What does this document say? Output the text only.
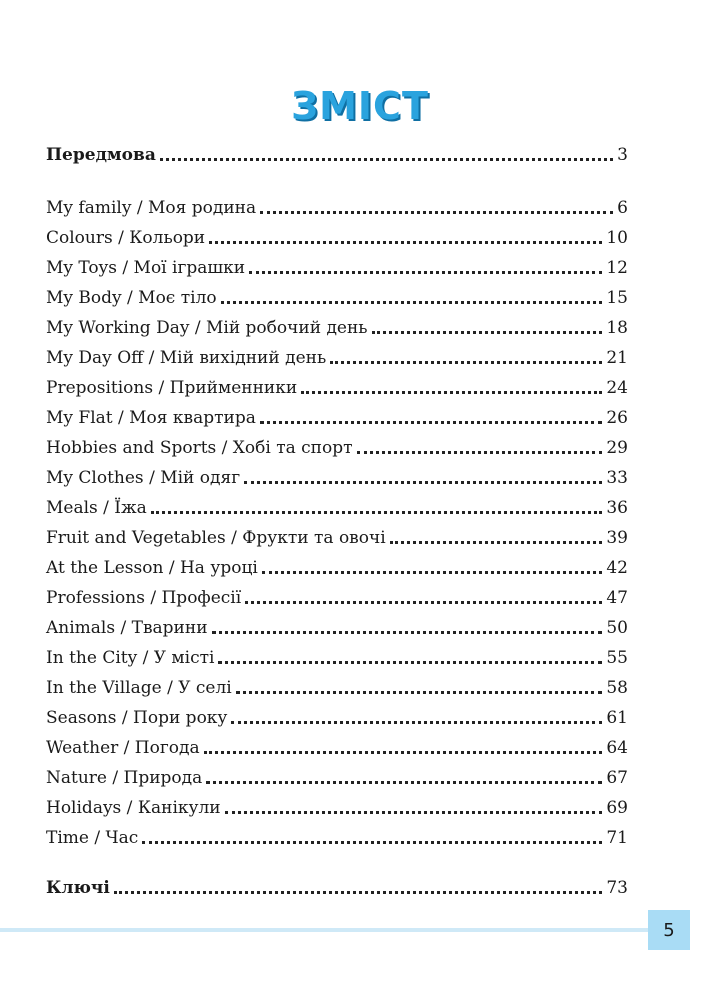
ЗМІСТ
Передмова	3
My family / Моя родина	6
Colours / Кольори	10
My Toys / Мої іграшки	12
My Body / Моє тіло	15
My Working Day / Мій робочий день	18
My Day Off / Мій вихідний день	21
Prepositions / Прийменники	24
My Flat / Моя квартира	26
Hobbies and Sports / Хобі та спорт	29
My Clothes / Мій одяг	33
Meals / Їжа	36
Fruit and Vegetables / Фрукти та овочі	39
At the Lesson / На уроці	42
Professions / Професії	47
Animals / Тварини	50
In the City / У місті	55
In the Village / У селі	58
Seasons / Пори року	61
Weather / Погода	64
Nature / Природа	67
Holidays / Канікули	69
Time / Час	71
Ключі	73
5
